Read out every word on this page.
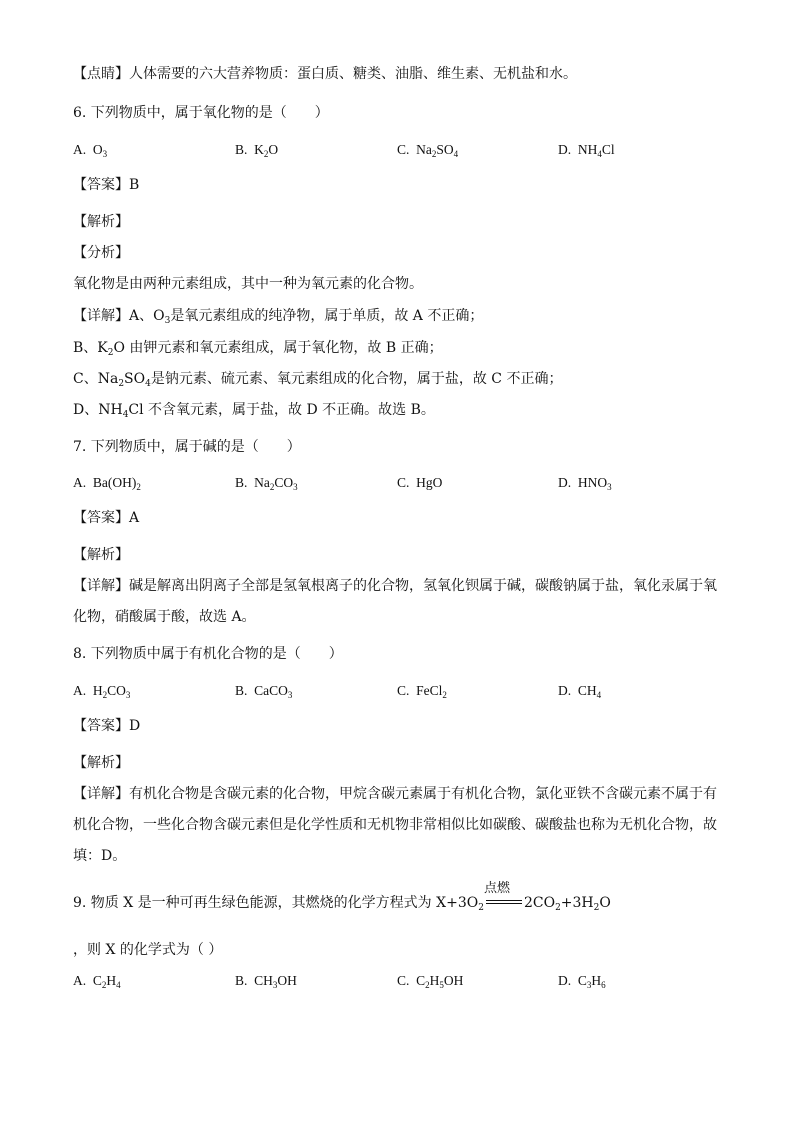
【点睛】人体需要的六大营养物质：蛋白质、糖类、油脂、维生素、无机盐和水。
6. 下列物质中，属于氧化物的是（　　）
A. $O_3$	B. $K_2O$	C. $Na_2SO_4$	D. $NH_4Cl$
【答案】B
【解析】
【分析】
氧化物是由两种元素组成，其中一种为氧元素的化合物。
【详解】A、$O_3$是氧元素组成的纯净物，属于单质，故 A 不正确；
B、$K_2O$ 由钾元素和氧元素组成，属于氧化物，故 B 正确；
C、$Na_2SO_4$是钠元素、硫元素、氧元素组成的化合物，属于盐，故 C 不正确；
D、$NH_4Cl$ 不含氧元素，属于盐，故 D 不正确。故选 B。
7. 下列物质中，属于碱的是（　　）
A. $Ba(OH)_2$	B. $Na_2CO_3$	C. HgO	D. $HNO_3$
【答案】A
【解析】
【详解】碱是解离出阴离子全部是氢氧根离子的化合物，氢氧化钡属于碱，碳酸钠属于盐，氧化汞属于氧
化物，硝酸属于酸，故选 A。
8. 下列物质中属于有机化合物的是（　　）
A. $H_2CO_3$	B. CaCO$_3$	C. FeCl$_2$	D. $CH_4$
【答案】D
【解析】
【详解】有机化合物是含碳元素的化合物，甲烷含碳元素属于有机化合物，氯化亚铁不含碳元素不属于有
机化合物，一些化合物含碳元素但是化学性质和无机物非常相似比如碳酸、碳酸盐也称为无机化合物，故
填：D。
9. 物质 X 是一种可再生绿色能源，其燃烧的化学方程式为 $X+3O_2$
点燃
$2CO_2+3H_2O$
，则 X 的化学式为（ ）
A. $C_2H_4$	B. $CH_3OH$	C. $C_2H_5OH$	D. $C_3H_6$
